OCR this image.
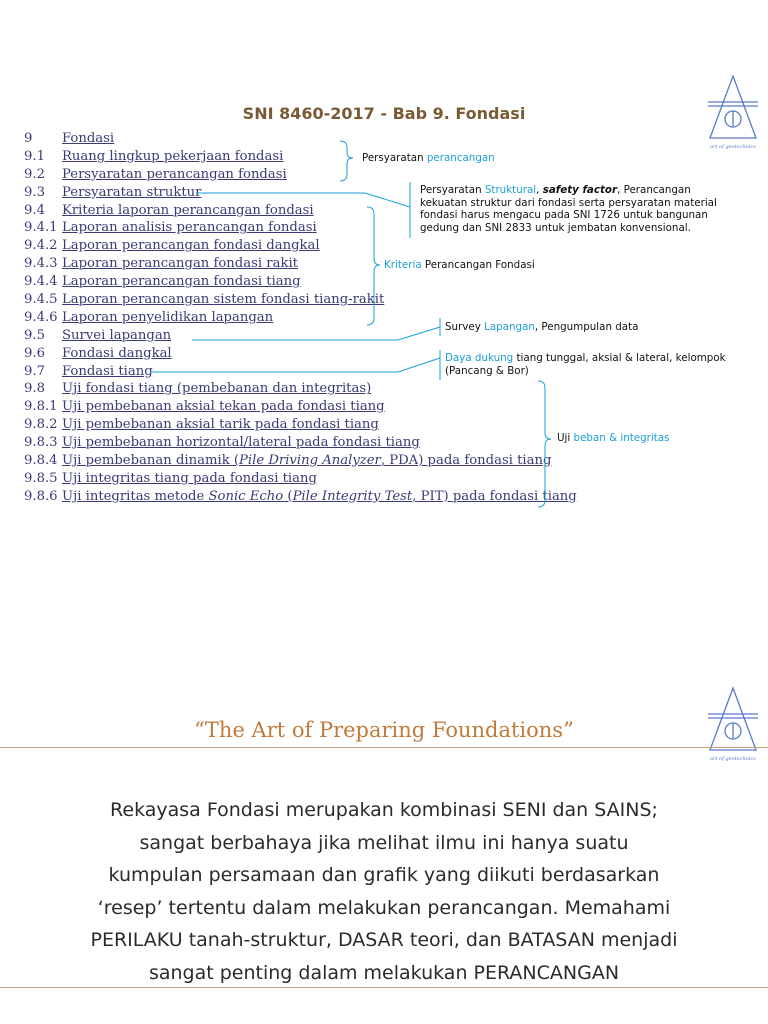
SNI 8460-2017 - Bab 9. Fondasi
art of geotechnics
9 Fondasi
9.1 Ruang lingkup pekerjaan fondasi
9.2 Persyaratan perancangan fondasi
9.3 Persyaratan struktur
9.4 Kriteria laporan perancangan fondasi
9.4.1 Laporan analisis perancangan fondasi
9.4.2 Laporan perancangan fondasi dangkal
9.4.3 Laporan perancangan fondasi rakit
9.4.4 Laporan perancangan fondasi tiang
9.4.5 Laporan perancangan sistem fondasi tiang-rakit
9.4.6 Laporan penyelidikan lapangan
9.5 Survei lapangan
9.6 Fondasi dangkal
9.7 Fondasi tiang
9.8 Uji fondasi tiang (pembebanan dan integritas)
9.8.1 Uji pembebanan aksial tekan pada fondasi tiang
9.8.2 Uji pembebanan aksial tarik pada fondasi tiang
9.8.3 Uji pembebanan horizontal/lateral pada fondasi tiang
9.8.4 Uji pembebanan dinamik (Pile Driving Analyzer, PDA) pada fondasi tiang
9.8.5 Uji integritas tiang pada fondasi tiang
9.8.6 Uji integritas metode Sonic Echo (Pile Integrity Test, PIT) pada fondasi tiang
Persyaratan perancangan
Persyaratan Struktural, safety factor, Perancangan
kekuatan struktur dari fondasi serta persyaratan material
fondasi harus mengacu pada SNI 1726 untuk bangunan
gedung dan SNI 2833 untuk jembatan konvensional.
Kriteria Perancangan Fondasi
Survey Lapangan, Pengumpulan data
Daya dukung tiang tunggal, aksial & lateral, kelompok
(Pancang & Bor)
Uji beban & integritas
“The Art of Preparing Foundations”
art of geotechnics
Rekayasa Fondasi merupakan kombinasi SENI dan SAINS;
sangat berbahaya jika melihat ilmu ini hanya suatu
kumpulan persamaan dan grafik yang diikuti berdasarkan
‘resep’ tertentu dalam melakukan perancangan. Memahami
PERILAKU tanah-struktur, DASAR teori, dan BATASAN menjadi
sangat penting dalam melakukan PERANCANGAN
